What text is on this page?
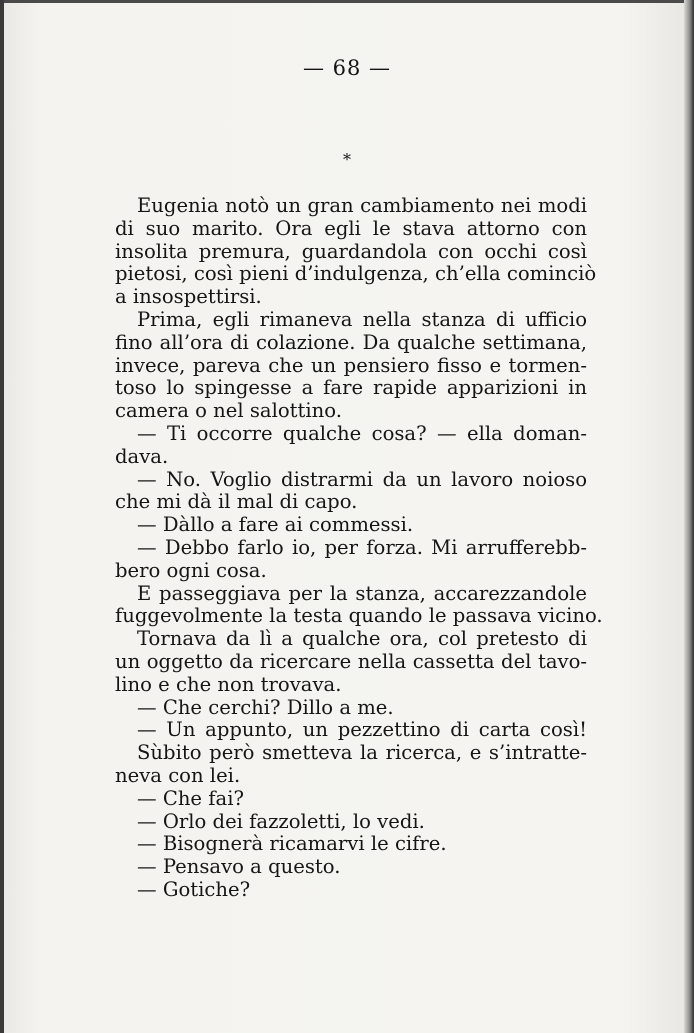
— 68 —
*
Eugenia notò un gran cambiamento nei modi
di suo marito. Ora egli le stava attorno con
insolita premura, guardandola con occhi così
pietosi, così pieni d’indulgenza, ch’ella cominciò
a insospettirsi.
Prima, egli rimaneva nella stanza di ufficio
fino all’ora di colazione. Da qualche settimana,
invece, pareva che un pensiero fisso e tormen-
toso lo spingesse a fare rapide apparizioni in
camera o nel salottino.
— Ti occorre qualche cosa? — ella doman-
dava.
— No. Voglio distrarmi da un lavoro noioso
che mi dà il mal di capo.
— Dàllo a fare ai commessi.
— Debbo farlo io, per forza. Mi arrufferebb-
bero ogni cosa.
E passeggiava per la stanza, accarezzandole
fuggevolmente la testa quando le passava vicino.
Tornava da lì a qualche ora, col pretesto di
un oggetto da ricercare nella cassetta del tavo-
lino e che non trovava.
— Che cerchi? Dillo a me.
— Un appunto, un pezzettino di carta così!
Sùbito però smetteva la ricerca, e s’intratte-
neva con lei.
— Che fai?
— Orlo dei fazzoletti, lo vedi.
— Bisognerà ricamarvi le cifre.
— Pensavo a questo.
— Gotiche?
